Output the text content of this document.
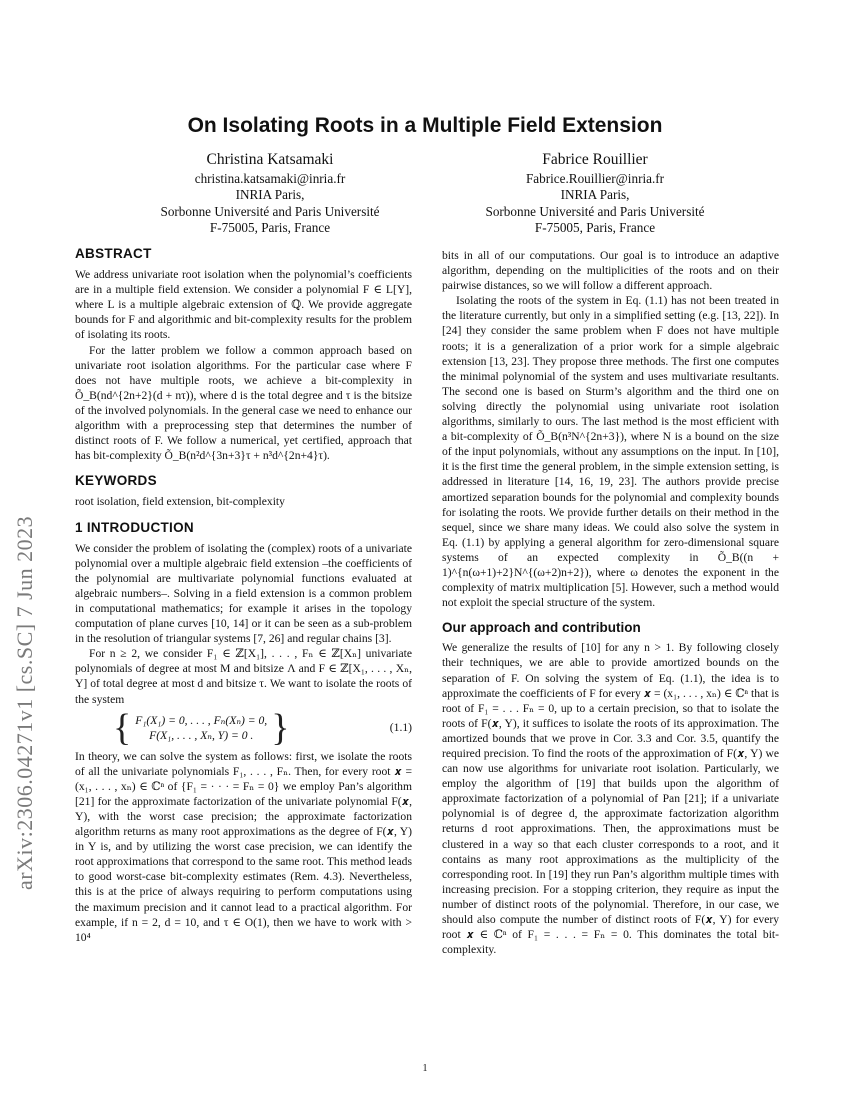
arXiv:2306.04271v1 [cs.SC] 7 Jun 2023
On Isolating Roots in a Multiple Field Extension
Christina Katsamaki
christina.katsamaki@inria.fr
INRIA Paris,
Sorbonne Université and Paris Université
F-75005, Paris, France
Fabrice Rouillier
Fabrice.Rouillier@inria.fr
INRIA Paris,
Sorbonne Université and Paris Université
F-75005, Paris, France
ABSTRACT

We address univariate root isolation when the polynomial’s coefficients are in a multiple field extension. We consider a polynomial F ∈ L[Y], where L is a multiple algebraic extension of ℚ. We provide aggregate bounds for F and algorithmic and bit-complexity results for the problem of isolating its roots.

For the latter problem we follow a common approach based on univariate root isolation algorithms. For the particular case where F does not have multiple roots, we achieve a bit-complexity in Õ_B(nd^{2n+2}(d + nτ)), where d is the total degree and τ is the bitsize of the involved polynomials. In the general case we need to enhance our algorithm with a preprocessing step that determines the number of distinct roots of F. We follow a numerical, yet certified, approach that has bit-complexity Õ_B(n²d^{3n+3}τ + n³d^{2n+4}τ).

KEYWORDS

root isolation, field extension, bit-complexity

1 INTRODUCTION

We consider the problem of isolating the (complex) roots of a univariate polynomial over a multiple algebraic field extension –the coefficients of the polynomial are multivariate polynomial functions evaluated at algebraic numbers–. Solving in a field extension is a common problem in computational mathematics; for example it arises in the topology computation of plane curves [10, 14] or it can be seen as a sub-problem in the resolution of triangular systems [7, 26] and regular chains [3].

For n ≥ 2, we consider F₁ ∈ ℤ[X₁], . . . , Fₙ ∈ ℤ[Xₙ] univariate polynomials of degree at most M and bitsize Λ and F ∈ ℤ[X₁, . . . , Xₙ, Y] of total degree at most d and bitsize τ. We want to isolate the roots of the system

{ F₁(X₁) = 0, . . . , Fₙ(Xₙ) = 0,
F(X₁, . . . , Xₙ, Y) = 0 . }	(1.1)

In theory, we can solve the system as follows: first, we isolate the roots of all the univariate polynomials F₁, . . . , Fₙ. Then, for every root 𝒙 = (x₁, . . . , xₙ) ∈ ℂⁿ of {F₁ = · · · = Fₙ = 0} we employ Pan’s algorithm [21] for the approximate factorization of the univariate polynomial F(𝒙, Y), with the worst case precision; the approximate factorization algorithm returns as many root approximations as the degree of F(𝒙, Y) in Y is, and by utilizing the worst case precision, we can identify the root approximations that correspond to the same root. This method leads to good worst-case bit-complexity estimates (Rem. 4.3). Nevertheless, this is at the price of always requiring to perform computations using the maximum precision and it cannot lead to a practical algorithm. For example, if n = 2, d = 10, and τ ∈ O(1), then we have to work with > 10⁴

bits in all of our computations. Our goal is to introduce an adaptive algorithm, depending on the multiplicities of the roots and on their pairwise distances, so we will follow a different approach.

Isolating the roots of the system in Eq. (1.1) has not been treated in the literature currently, but only in a simplified setting (e.g. [13, 22]). In [24] they consider the same problem when F does not have multiple roots; it is a generalization of a prior work for a simple algebraic extension [13, 23]. They propose three methods. The first one computes the minimal polynomial of the system and uses multivariate resultants. The second one is based on Sturm’s algorithm and the third one on solving directly the polynomial using univariate root isolation algorithms, similarly to ours. The last method is the most efficient with a bit-complexity of Õ_B(n³N^{2n+3}), where N is a bound on the size of the input polynomials, without any assumptions on the input. In [10], it is the first time the general problem, in the simple extension setting, is addressed in literature [14, 16, 19, 23]. The authors provide precise amortized separation bounds for the polynomial and complexity bounds for isolating the roots. We provide further details on their method in the sequel, since we share many ideas. We could also solve the system in Eq. (1.1) by applying a general algorithm for zero-dimensional square systems of an expected complexity in Õ_B((n + 1)^{n(ω+1)+2}N^{(ω+2)n+2}), where ω denotes the exponent in the complexity of matrix multiplication [5]. However, such a method would not exploit the special structure of the system.

Our approach and contribution

We generalize the results of [10] for any n > 1. By following closely their techniques, we are able to provide amortized bounds on the separation of F. On solving the system of Eq. (1.1), the idea is to approximate the coefficients of F for every 𝒙 = (x₁, . . . , xₙ) ∈ ℂⁿ that is root of F₁ = . . . Fₙ = 0, up to a certain precision, so that to isolate the roots of F(𝒙, Y), it suffices to isolate the roots of its approximation. The amortized bounds that we prove in Cor. 3.3 and Cor. 3.5, quantify the required precision. To find the roots of the approximation of F(𝒙, Y) we can now use algorithms for univariate root isolation. Particularly, we employ the algorithm of [19] that builds upon the algorithm of approximate factorization of a polynomial of Pan [21]; if a univariate polynomial is of degree d, the approximate factorization algorithm returns d root approximations. Then, the approximations must be clustered in a way so that each cluster corresponds to a root, and it contains as many root approximations as the multiplicity of the corresponding root. In [19] they run Pan’s algorithm multiple times with increasing precision. For a stopping criterion, they require as input the number of distinct roots of the polynomial. Therefore, in our case, we should also compute the number of distinct roots of F(𝒙, Y) for every root 𝒙 ∈ ℂⁿ of F₁ = . . . = Fₙ = 0. This dominates the total bit-complexity.

1
